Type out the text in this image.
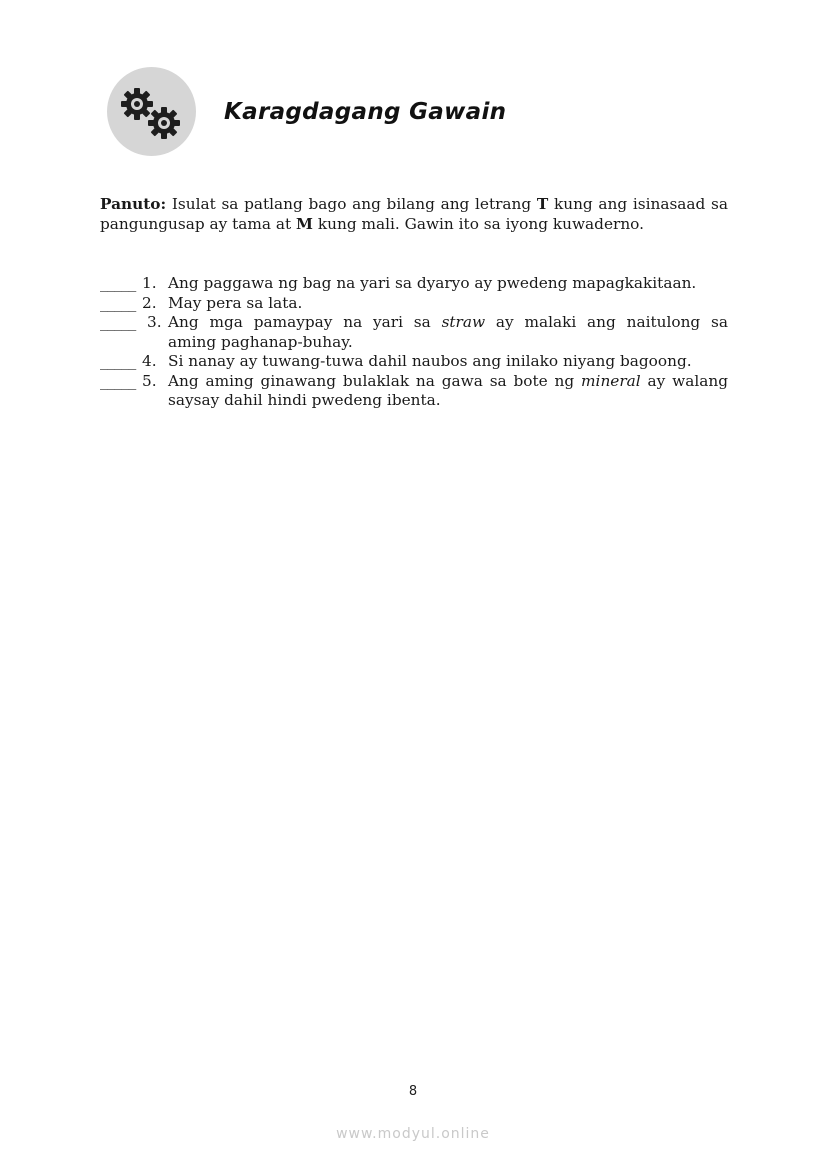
Karagdagang Gawain
Panuto: Isulat sa patlang bago ang bilang ang letrang T kung ang isinasaad sa pangungusap ay tama at M kung mali. Gawin ito sa iyong kuwaderno.
_____ 1. Ang paggawa ng bag na yari sa dyaryo ay pwedeng mapagkakitaan.
_____ 2. May pera sa lata.
_____ 3. Ang mga pamaypay na yari sa straw ay malaki ang naitulong sa
aming paghanap-buhay.
_____ 4. Si nanay ay tuwang-tuwa dahil naubos ang inilako niyang bagoong.
_____ 5. Ang aming ginawang bulaklak na gawa sa bote ng mineral ay walang
saysay dahil hindi pwedeng ibenta.
8
www.modyul.online
